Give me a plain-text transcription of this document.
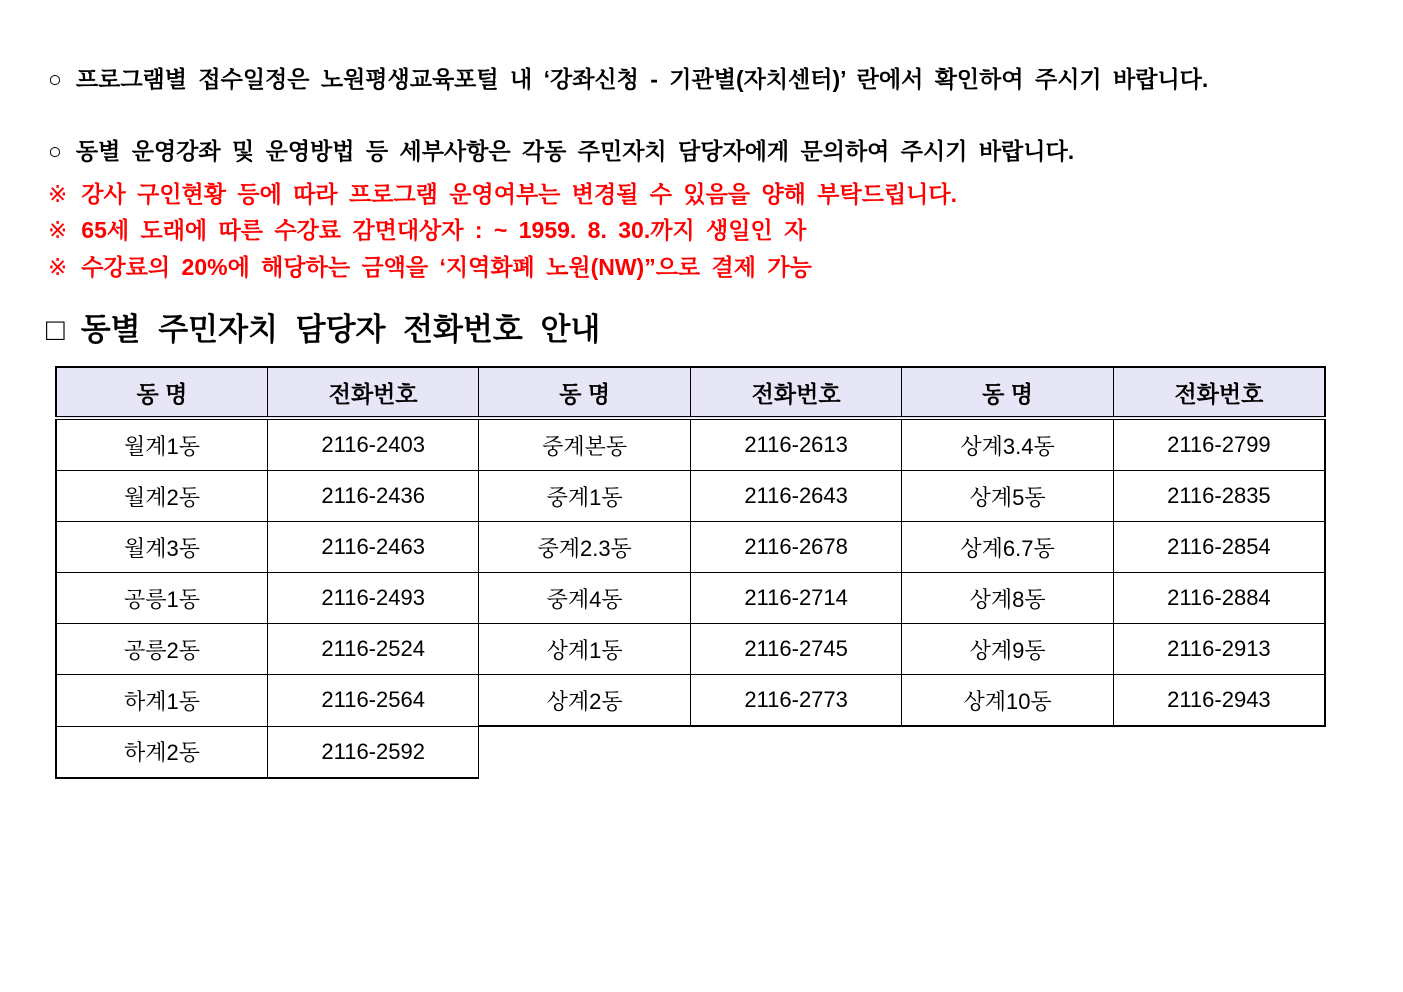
○ 프로그램별 접수일정은 노원평생교육포털 내 ‘강좌신청 - 기관별(자치센터)’ 란에서 확인하여 주시기 바랍니다.
○ 동별 운영강좌 및 운영방법 등 세부사항은 각동 주민자치 담당자에게 문의하여 주시기 바랍니다.
※ 강사 구인현황 등에 따라 프로그램 운영여부는 변경될 수 있음을 양해 부탁드립니다.
※ 65세 도래에 따른 수강료 감면대상자 : ~ 1959. 8. 30.까지 생일인 자
※ 수강료의 20%에 해당하는 금액을 ‘지역화폐 노원(NW)”으로 결제 가능
□ 동별 주민자치 담당자 전화번호 안내
동 명	전화번호	동 명	전화번호	동 명	전화번호
월계1동	2116-2403	중계본동	2116-2613	상계3.4동	2116-2799
월계2동	2116-2436	중계1동	2116-2643	상계5동	2116-2835
월계3동	2116-2463	중계2.3동	2116-2678	상계6.7동	2116-2854
공릉1동	2116-2493	중계4동	2116-2714	상계8동	2116-2884
공릉2동	2116-2524	상계1동	2116-2745	상계9동	2116-2913
하계1동	2116-2564	상계2동	2116-2773	상계10동	2116-2943
하계2동	2116-2592				
